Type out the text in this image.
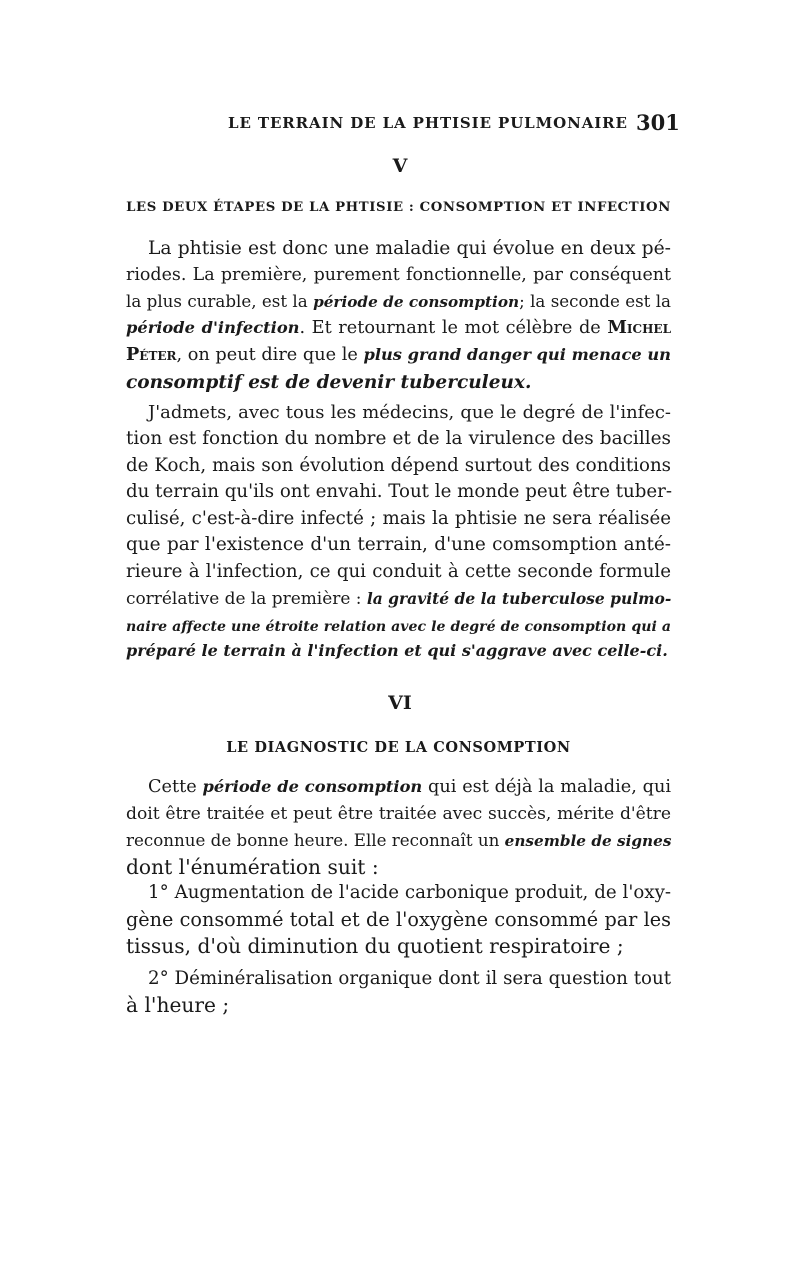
LE TERRAIN DE LA PHTISIE PULMONAIRE 301
V
LES DEUX ÉTAPES DE LA PHTISIE : CONSOMPTION ET INFECTION
La phtisie est donc une maladie qui évolue en deux pé-
riodes. La première, purement fonctionnelle, par conséquent
la plus curable, est la période de consomption; la seconde est la
période d'infection. Et retournant le mot célèbre de Michel
Péter, on peut dire que le plus grand danger qui menace un
consomptif est de devenir tuberculeux.
J'admets, avec tous les médecins, que le degré de l'infec-
tion est fonction du nombre et de la virulence des bacilles
de Koch, mais son évolution dépend surtout des conditions
du terrain qu'ils ont envahi. Tout le monde peut être tuber-
culisé, c'est-à-dire infecté ; mais la phtisie ne sera réalisée
que par l'existence d'un terrain, d'une comsomption anté-
rieure à l'infection, ce qui conduit à cette seconde formule
corrélative de la première : la gravité de la tuberculose pulmo-
naire affecte une étroite relation avec le degré de consomption qui a
préparé le terrain à l'infection et qui s'aggrave avec celle-ci.
VI
LE DIAGNOSTIC DE LA CONSOMPTION
Cette période de consomption qui est déjà la maladie, qui
doit être traitée et peut être traitée avec succès, mérite d'être
reconnue de bonne heure. Elle reconnaît un ensemble de signes
dont l'énumération suit :
1° Augmentation de l'acide carbonique produit, de l'oxy-
gène consommé total et de l'oxygène consommé par les
tissus, d'où diminution du quotient respiratoire ;
2° Déminéralisation organique dont il sera question tout
à l'heure ;
